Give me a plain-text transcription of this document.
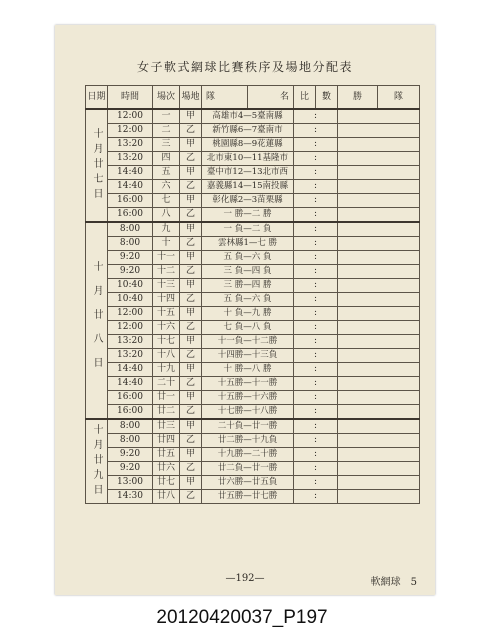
女子軟式網球比賽秩序及場地分配表
日期	時間	場次	場地	隊	名	比	數	勝	隊
十月廿七日	12:00	一	甲	高雄市4—5臺南縣		:			
	12:00	二	乙	新竹縣6—7臺南市		:			
	13:20	三	甲	桃園縣8—9花蓮縣		:			
	13:20	四	乙	北市東10—11基隆市		:			
	14:40	五	甲	臺中市12—13北市西		:			
	14:40	六	乙	嘉義縣14—15南投縣		:			
	16:00	七	甲	彰化縣2—3苗栗縣		:			
	16:00	八	乙	一 勝—二 勝		:			
十月廿八日	8:00	九	甲	一 負—二 負		:			
	8:00	十	乙	雲林縣1—七 勝		:			
	9:20	十一	甲	五 負—六 負		:			
	9:20	十二	乙	三 負—四 負		:			
	10:40	十三	甲	三 勝—四 勝		:			
	10:40	十四	乙	五 負—六 負		:			
	12:00	十五	甲	十 負—九 勝		:			
	12:00	十六	乙	七 負—八 負		:			
	13:20	十七	甲	十一負—十二勝		:			
	13:20	十八	乙	十四勝—十三負		:			
	14:40	十九	甲	十 勝—八 勝		:			
	14:40	二十	乙	十五勝—十一勝		:			
	16:00	廿一	甲	十五勝—十六勝		:			
	16:00	廿二	乙	十七勝—十八勝		:			
十月廿九日	8:00	廿三	甲	二十負—廿一勝		:			
	8:00	廿四	乙	廿二勝—十九負		:			
	9:20	廿五	甲	十九勝—二十勝		:			
	9:20	廿六	乙	廿二負—廿一勝		:			
	13:00	廿七	甲	廿六勝—廿五負		:			
	14:30	廿八	乙	廿五勝—廿七勝		:			
—192—	軟網球　5
20120420037_P197
